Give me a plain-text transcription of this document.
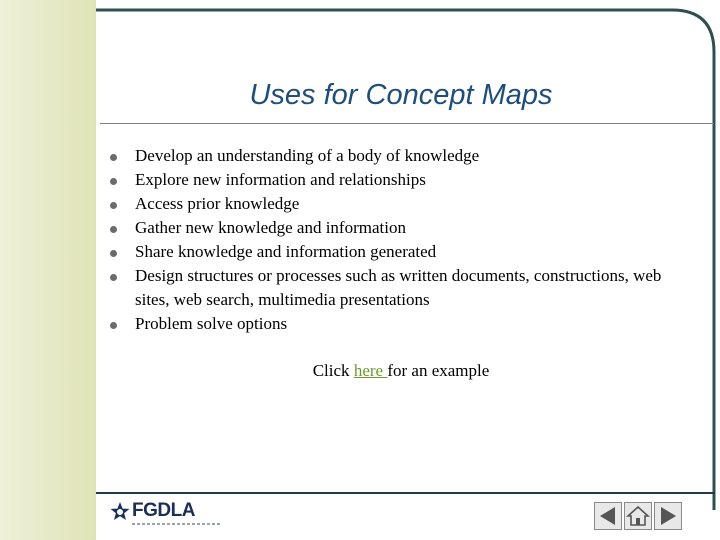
Uses for Concept Maps
Develop an understanding of a body of knowledge
Explore new information and relationships
Access prior knowledge
Gather new knowledge and information
Share knowledge and information generated
Design structures or processes such as written documents, constructions, web sites, web search, multimedia presentations
Problem solve options
Click here for an example
FGDLA
